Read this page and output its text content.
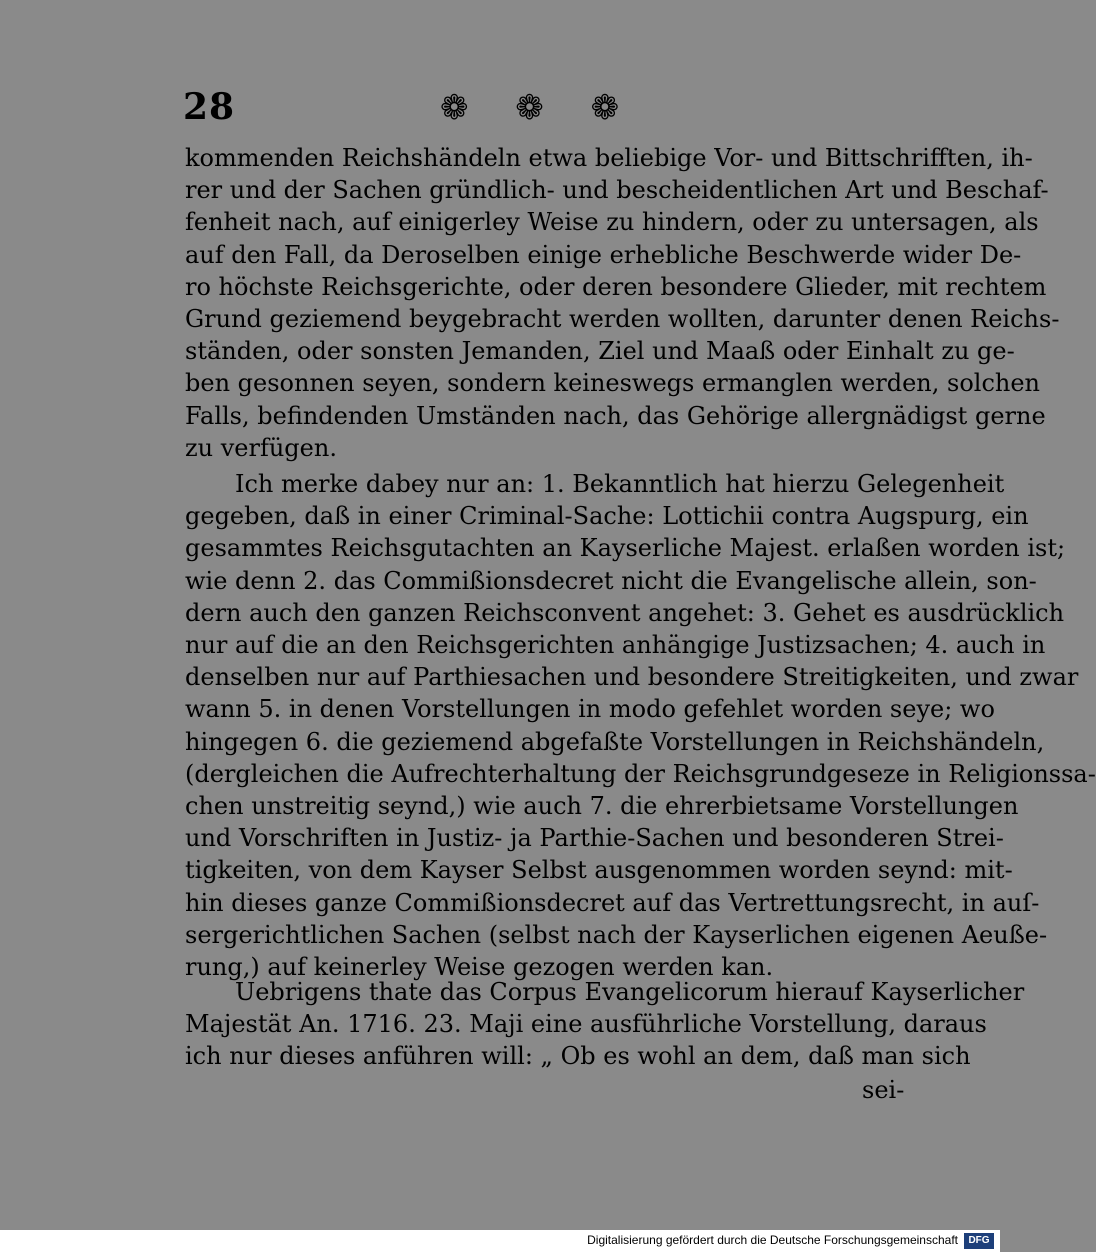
28	❁ ❁ ❁
kommenden Reichshändeln etwa beliebige Vor- und Bittschrifften, ih-
rer und der Sachen gründlich- und bescheidentlichen Art und Beschaf-
fenheit nach, auf einigerley Weise zu hindern, oder zu untersagen, als
auf den Fall, da Deroselben einige erhebliche Beschwerde wider De-
ro höchste Reichsgerichte, oder deren besondere Glieder, mit rechtem
Grund geziemend beygebracht werden wollten, darunter denen Reichs-
ständen, oder sonsten Jemanden, Ziel und Maaß oder Einhalt zu ge-
ben gesonnen seyen, sondern keineswegs ermanglen werden, solchen
Falls, befindenden Umständen nach, das Gehörige allergnädigst gerne
zu verfügen.
Ich merke dabey nur an: 1. Bekanntlich hat hierzu Gelegenheit
gegeben, daß in einer Criminal-Sache: Lottichii contra Augspurg, ein
gesammtes Reichsgutachten an Kayserliche Majest. erlaßen worden ist;
wie denn 2. das Commißionsdecret nicht die Evangelische allein, son-
dern auch den ganzen Reichsconvent angehet: 3. Gehet es ausdrücklich
nur auf die an den Reichsgerichten anhängige Justizsachen; 4. auch in
denselben nur auf Parthiesachen und besondere Streitigkeiten, und zwar
wann 5. in denen Vorstellungen in modo gefehlet worden seye; wo
hingegen 6. die geziemend abgefaßte Vorstellungen in Reichshändeln,
(dergleichen die Aufrechterhaltung der Reichsgrundgeseze in Religionssa-
chen unstreitig seynd,) wie auch 7. die ehrerbietsame Vorstellungen
und Vorschriften in Justiz- ja Parthie-Sachen und besonderen Strei-
tigkeiten, von dem Kayser Selbst ausgenommen worden seynd: mit-
hin dieses ganze Commißionsdecret auf das Vertrettungsrecht, in auſ-
sergerichtlichen Sachen (selbst nach der Kayserlichen eigenen Aeuße-
rung,) auf keinerley Weise gezogen werden kan.
Uebrigens thate das Corpus Evangelicorum hierauf Kayserlicher
Majestät An. 1716. 23. Maji eine ausführliche Vorstellung, daraus
ich nur dieses anführen will: „ Ob es wohl an dem, daß man sich
sei-
Digitalisierung gefördert durch die Deutsche Forschungsgemeinschaft	DFG
